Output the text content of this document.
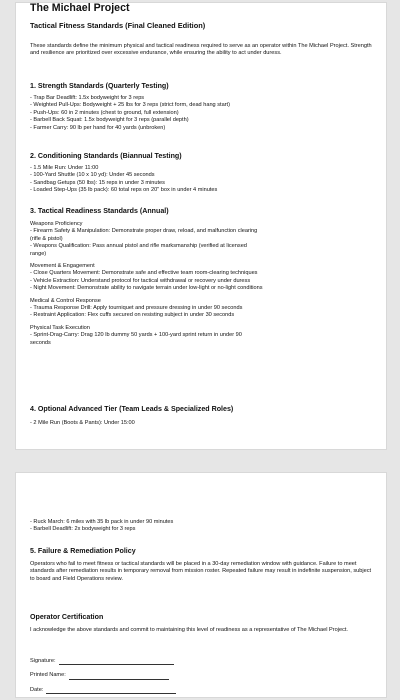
The Michael Project
Tactical Fitness Standards (Final Cleaned Edition)

These standards define the minimum physical and tactical readiness required to serve as an operator within The Michael Project. Strength and resilience are prioritized over excessive endurance, while ensuring the ability to act under duress.

1. Strength Standards (Quarterly Testing)
- Trap Bar Deadlift: 1.5x bodyweight for 3 reps
- Weighted Pull-Ups: Bodyweight + 25 lbs for 3 reps (strict form, dead hang start)
- Push-Ups: 60 in 2 minutes (chest to ground, full extension)
- Barbell Back Squat: 1.5x bodyweight for 3 reps (parallel depth)
- Farmer Carry: 90 lb per hand for 40 yards (unbroken)
2. Conditioning Standards (Biannual Testing)
- 1.5 Mile Run: Under 11:00
- 100-Yard Shuttle (10 x 10 yd): Under 45 seconds
- Sandbag Getups (50 lbs): 15 reps in under 3 minutes
- Loaded Step-Ups (35 lb pack): 60 total reps on 20" box in under 4 minutes
3. Tactical Readiness Standards (Annual)
Weapons Proficiency
- Firearm Safety & Manipulation: Demonstrate proper draw, reload, and malfunction clearing
(rifle & pistol)
- Weapons Qualification: Pass annual pistol and rifle marksmanship (verified at licensed
range)
Movement & Engagement
- Close Quarters Movement: Demonstrate safe and effective team room-clearing techniques
- Vehicle Extraction: Understand protocol for tactical withdrawal or recovery under duress
- Night Movement: Demonstrate ability to navigate terrain under low-light or no-light conditions
Medical & Control Response
- Trauma Response Drill: Apply tourniquet and pressure dressing in under 90 seconds
- Restraint Application: Flex cuffs secured on resisting subject in under 30 seconds
Physical Task Execution
- Sprint-Drag-Carry: Drag 120 lb dummy 50 yards + 100-yard sprint return in under 90
seconds
4. Optional Advanced Tier (Team Leads & Specialized Roles)
- 2 Mile Run (Boots & Pants): Under 15:00
- Ruck March: 6 miles with 35 lb pack in under 90 minutes
- Barbell Deadlift: 2x bodyweight for 3 reps
5. Failure & Remediation Policy

Operators who fail to meet fitness or tactical standards will be placed in a 30-day remediation window with guidance. Failure to meet standards after remediation results in temporary removal from mission roster. Repeated failure may result in indefinite suspension, subject to board and Field Operations review.

Operator Certification

I acknowledge the above standards and commit to maintaining this level of readiness as a representative of The Michael Project.

Signature:
Printed Name:
Date:
